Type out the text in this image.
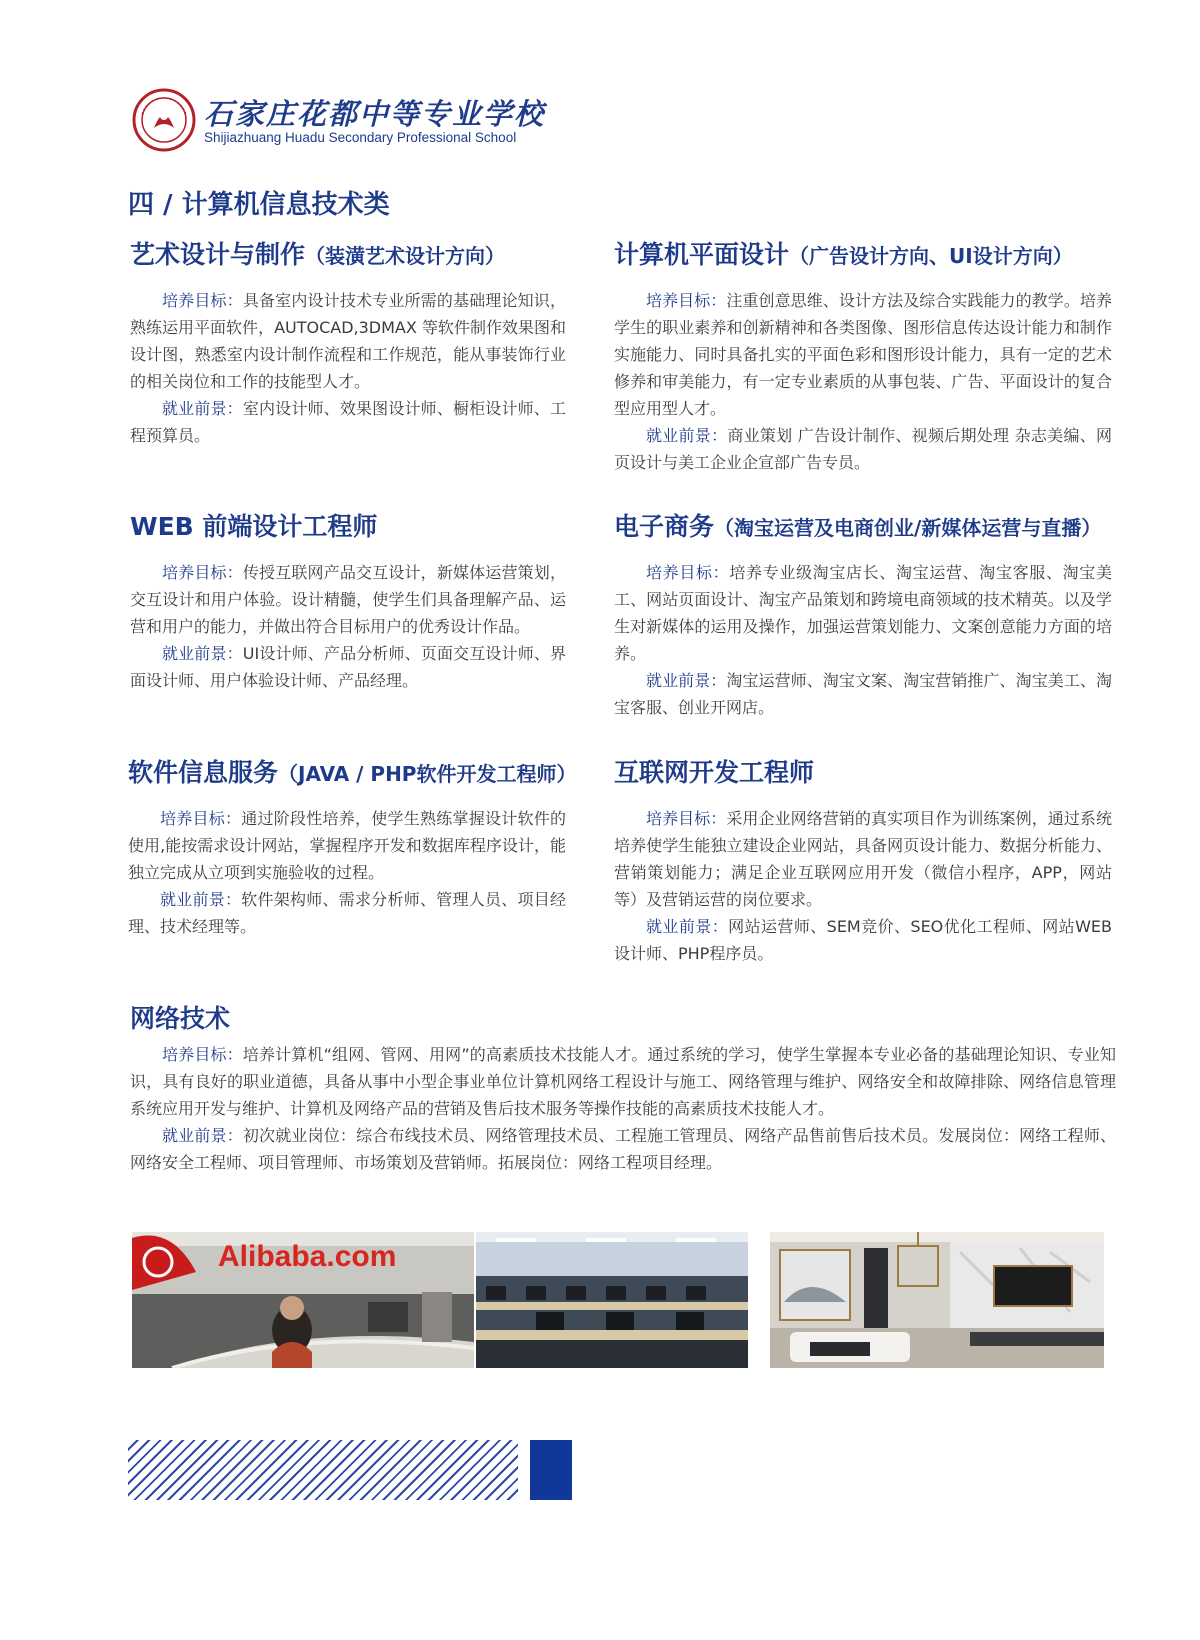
石家庄花都中等专业学校
Shijiazhuang Huadu Secondary Professional School
四 / 计算机信息技术类
艺术设计与制作（装潢艺术设计方向）

培养目标：具备室内设计技术专业所需的基础理论知识，熟练运用平面软件，AUTOCAD,3DMAX 等软件制作效果图和设计图，熟悉室内设计制作流程和工作规范，能从事装饰行业的相关岗位和工作的技能型人才。

就业前景：室内设计师、效果图设计师、橱柜设计师、工程预算员。

计算机平面设计（广告设计方向、UI设计方向）

培养目标：注重创意思维、设计方法及综合实践能力的教学。培养学生的职业素养和创新精神和各类图像、图形信息传达设计能力和制作实施能力、同时具备扎实的平面色彩和图形设计能力，具有一定的艺术修养和审美能力，有一定专业素质的从事包装、广告、平面设计的复合型应用型人才。

就业前景：商业策划 广告设计制作、视频后期处理 杂志美编、网页设计与美工企业企宣部广告专员。

WEB 前端设计工程师

培养目标：传授互联网产品交互设计，新媒体运营策划，交互设计和用户体验。设计精髓，使学生们具备理解产品、运营和用户的能力，并做出符合目标用户的优秀设计作品。

就业前景：UI设计师、产品分析师、页面交互设计师、界面设计师、用户体验设计师、产品经理。

电子商务（淘宝运营及电商创业/新媒体运营与直播）

培养目标：培养专业级淘宝店长、淘宝运营、淘宝客服、淘宝美工、网站页面设计、淘宝产品策划和跨境电商领域的技术精英。以及学生对新媒体的运用及操作，加强运营策划能力、文案创意能力方面的培养。

就业前景：淘宝运营师、淘宝文案、淘宝营销推广、淘宝美工、淘宝客服、创业开网店。

软件信息服务（JAVA / PHP软件开发工程师）

培养目标：通过阶段性培养，使学生熟练掌握设计软件的使用,能按需求设计网站，掌握程序开发和数据库程序设计，能独立完成从立项到实施验收的过程。

就业前景：软件架构师、需求分析师、管理人员、项目经理、技术经理等。

互联网开发工程师

培养目标：采用企业网络营销的真实项目作为训练案例，通过系统培养使学生能独立建设企业网站，具备网页设计能力、数据分析能力、营销策划能力；满足企业互联网应用开发（微信小程序，APP，网站等）及营销运营的岗位要求。

就业前景：网站运营师、SEM竞价、SEO优化工程师、网站WEB设计师、PHP程序员。

网络技术

培养目标：培养计算机“组网、管网、用网”的高素质技术技能人才。通过系统的学习，使学生掌握本专业必备的基础理论知识、专业知识，具有良好的职业道德，具备从事中小型企事业单位计算机网络工程设计与施工、网络管理与维护、网络安全和故障排除、网络信息管理系统应用开发与维护、计算机及网络产品的营销及售后技术服务等操作技能的高素质技术技能人才。

就业前景：初次就业岗位：综合布线技术员、网络管理技术员、工程施工管理员、网络产品售前售后技术员。发展岗位：网络工程师、网络安全工程师、项目管理师、市场策划及营销师。拓展岗位：网络工程项目经理。

Alibaba.com
